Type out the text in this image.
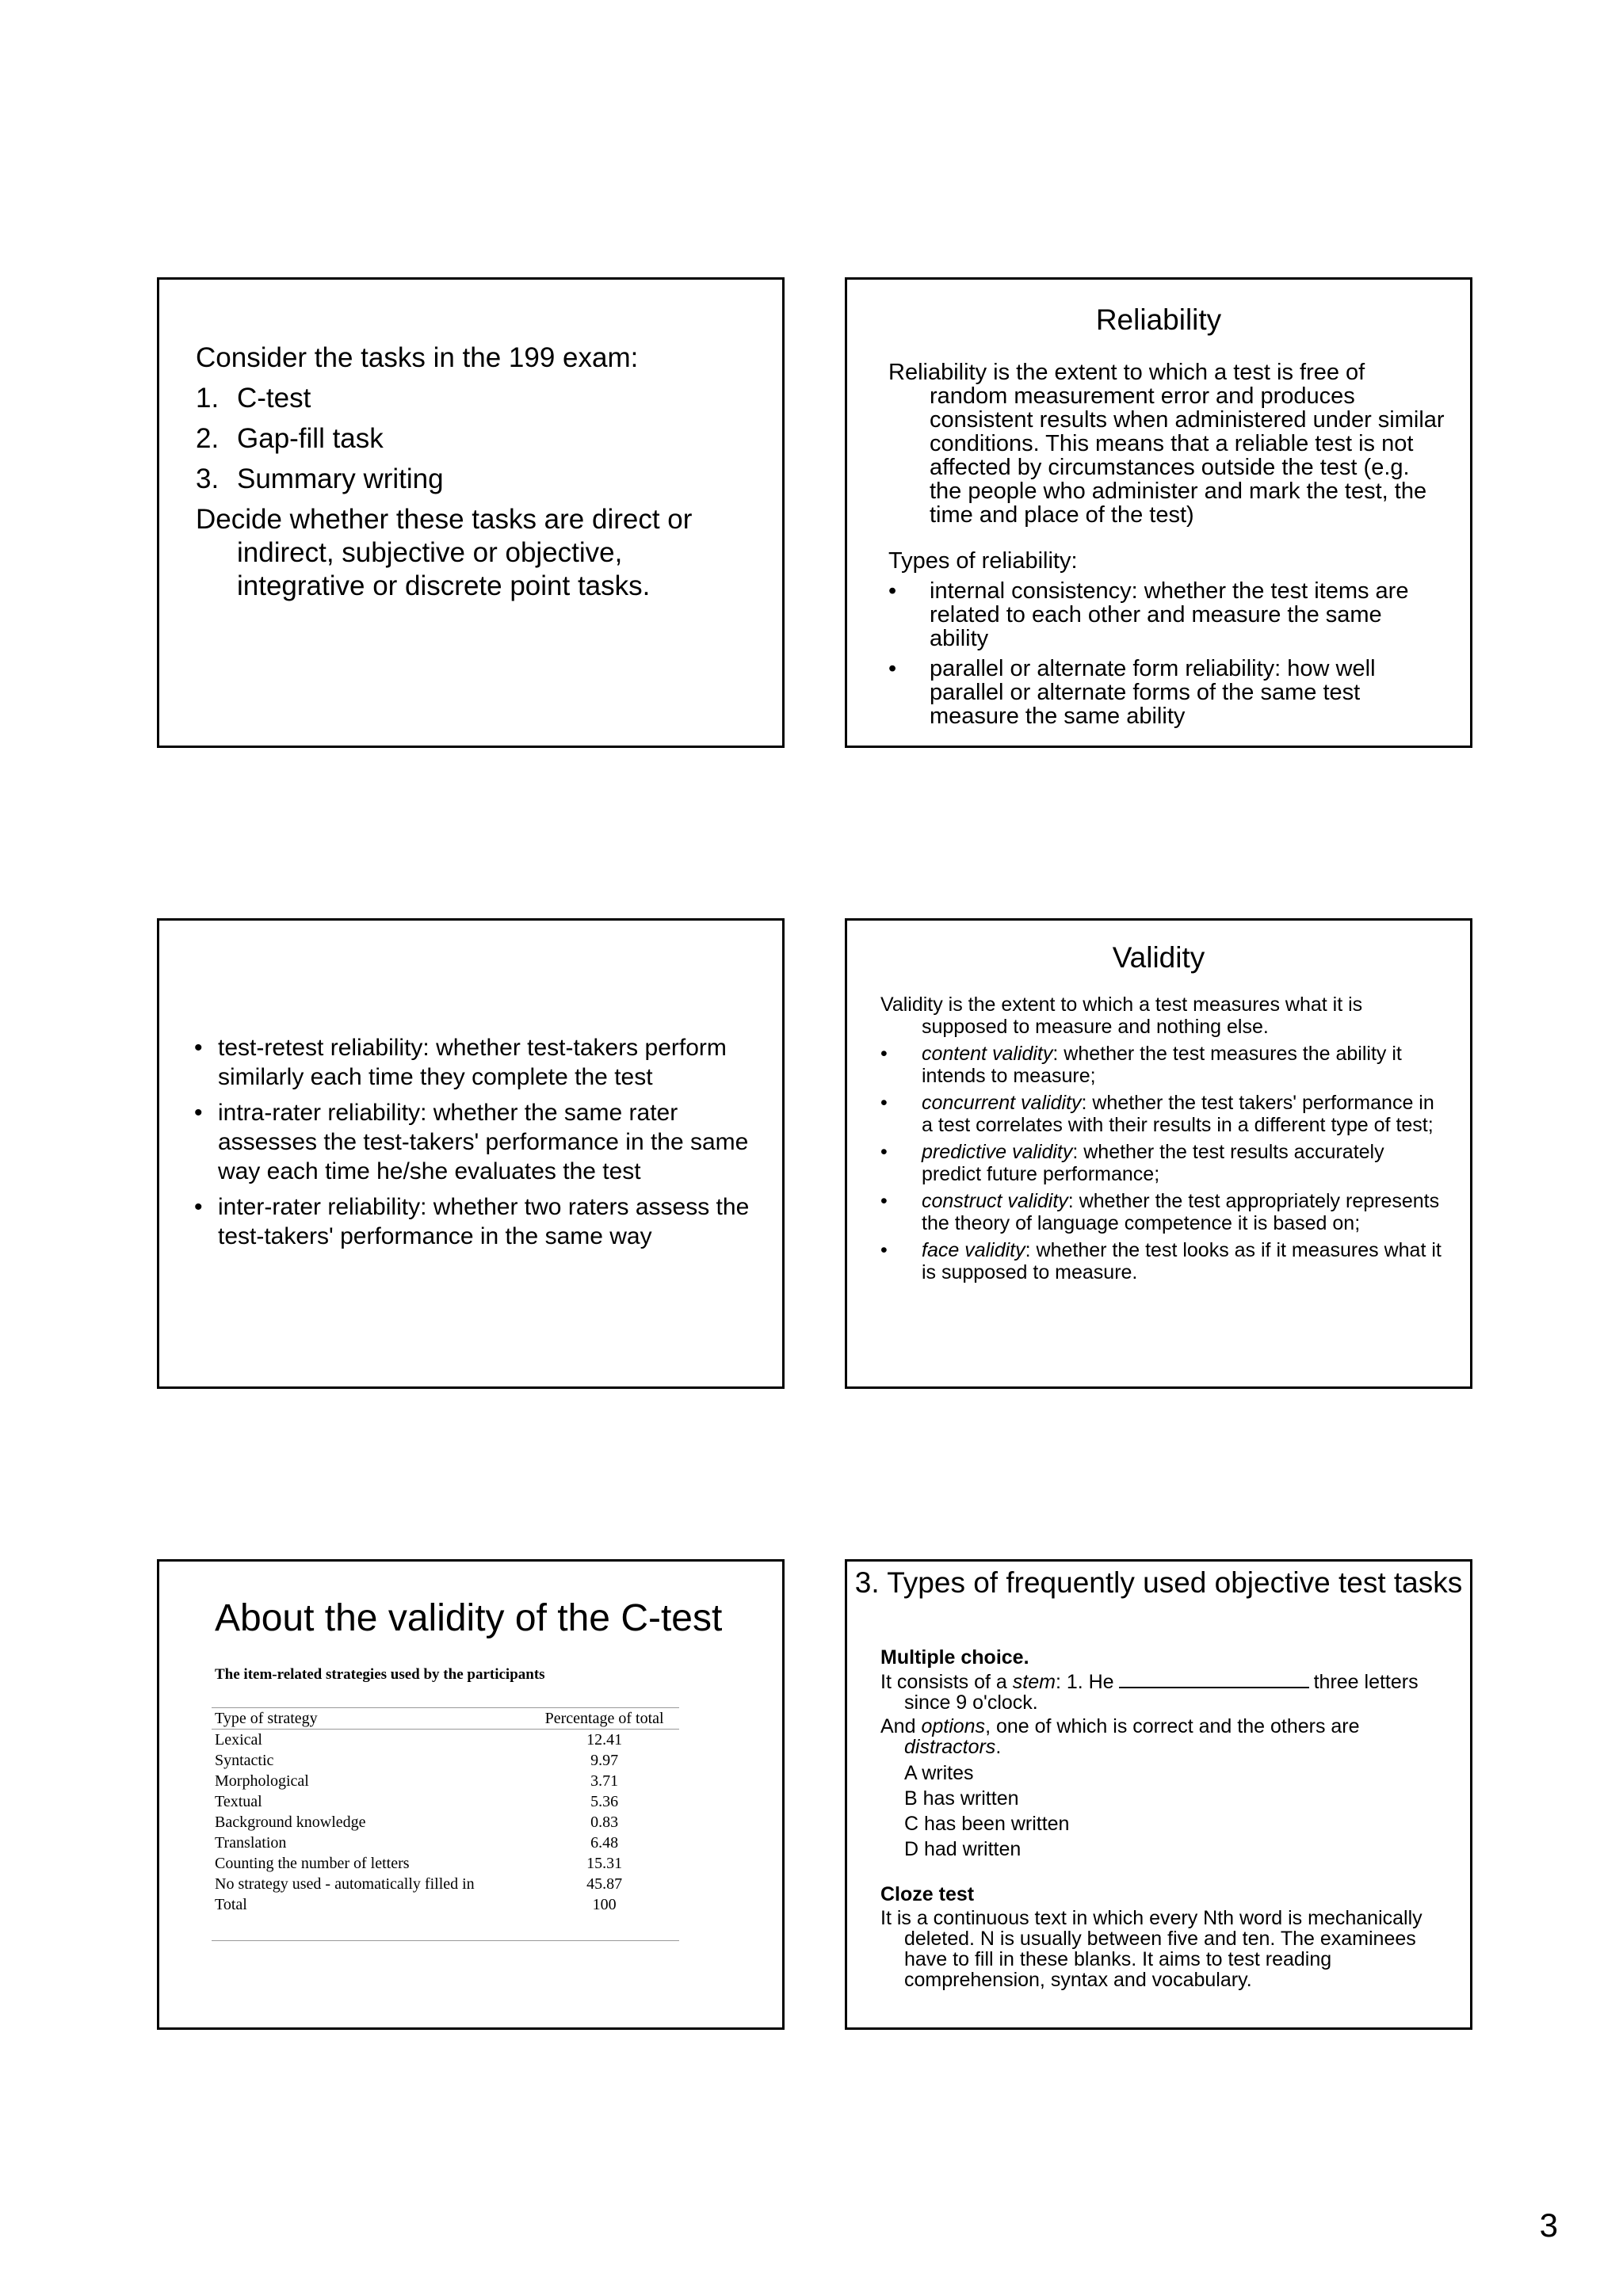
Consider the tasks in the 199 exam:
1. C-test
2. Gap-fill task
3. Summary writing
Decide whether these tasks are direct or indirect, subjective or objective, integrative or discrete point tasks.
Reliability
Reliability is the extent to which a test is free of random measurement error and produces consistent results when administered under similar conditions. This means that a reliable test is not affected by circumstances outside the test (e.g. the people who administer and mark the test, the time and place of the test)
Types of reliability:
•	internal consistency: whether the test items are related to each other and measure the same ability
•	parallel or alternate form reliability: how well parallel or alternate forms of the same test measure the same ability
• test-retest reliability: whether test-takers perform similarly each time they complete the test
• intra-rater reliability: whether the same rater assesses the test-takers' performance in the same way each time he/she evaluates the test
• inter-rater reliability: whether two raters assess the test-takers' performance in the same way
Validity
Validity is the extent to which a test measures what it is supposed to measure and nothing else.
•	content validity: whether the test measures the ability it intends to measure;
•	concurrent validity: whether the test takers' performance in a test correlates with their results in a different type of test;
•	predictive validity: whether the test results accurately predict future performance;
•	construct validity: whether the test appropriately represents the theory of language competence it is based on;
•	face validity: whether the test looks as if it measures what it is supposed to measure.
About the validity of the C-test
The item-related strategies used by the participants
Type of strategy	Percentage of total
Lexical	12.41
Syntactic	9.97
Morphological	3.71
Textual	5.36
Background knowledge	0.83
Translation	6.48
Counting the number of letters	15.31
No strategy used - automatically filled in	45.87
Total	100
3. Types of frequently used objective test tasks
Multiple choice.
It consists of a stem: 1. He	three letters since 9 o'clock.
And options, one of which is correct and the others are distractors.
A writes
B has written
C has been written
D had written
Cloze test
It is a continuous text in which every Nth word is mechanically deleted. N is usually between five and ten. The examinees have to fill in these blanks. It aims to test reading comprehension, syntax and vocabulary.
3
